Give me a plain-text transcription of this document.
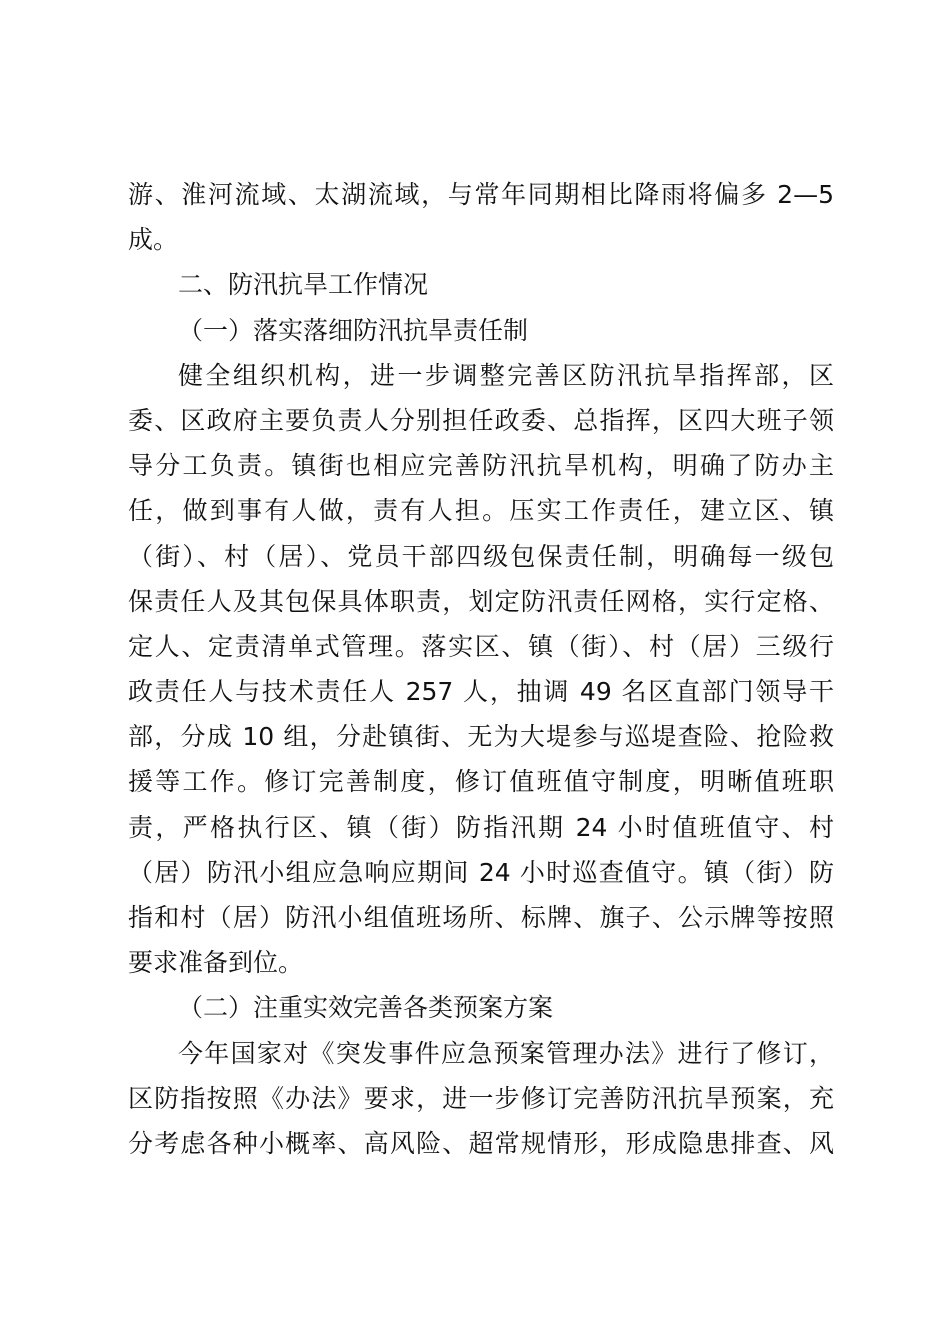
游、淮河流域、太湖流域，与常年同期相比降雨将偏多 2—5
成。
二、防汛抗旱工作情况
（一）落实落细防汛抗旱责任制
健全组织机构，进一步调整完善区防汛抗旱指挥部，区
委、区政府主要负责人分别担任政委、总指挥，区四大班子领
导分工负责。镇街也相应完善防汛抗旱机构，明确了防办主
任，做到事有人做，责有人担。压实工作责任，建立区、镇
（街）、村（居）、党员干部四级包保责任制，明确每一级包
保责任人及其包保具体职责，划定防汛责任网格，实行定格、
定人、定责清单式管理。落实区、镇（街）、村（居）三级行
政责任人与技术责任人 257 人，抽调 49 名区直部门领导干
部，分成 10 组，分赴镇街、无为大堤参与巡堤查险、抢险救
援等工作。修订完善制度，修订值班值守制度，明晰值班职
责，严格执行区、镇（街）防指汛期 24 小时值班值守、村
（居）防汛小组应急响应期间 24 小时巡查值守。镇（街）防
指和村（居）防汛小组值班场所、标牌、旗子、公示牌等按照
要求准备到位。
（二）注重实效完善各类预案方案
今年国家对《突发事件应急预案管理办法》进行了修订，
区防指按照《办法》要求，进一步修订完善防汛抗旱预案，充
分考虑各种小概率、高风险、超常规情形，形成隐患排查、风
